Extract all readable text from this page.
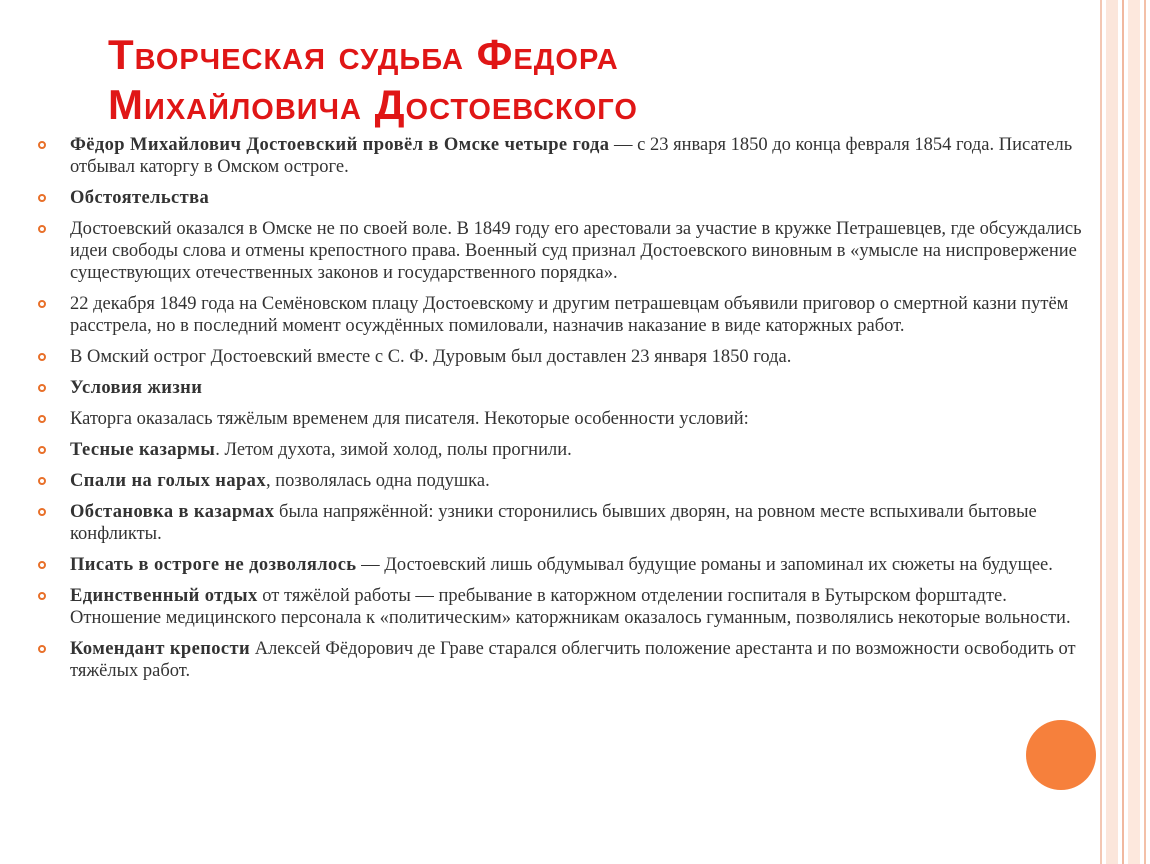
Творческая судьба Федора
Михайловича Достоевского
Фёдор Михайлович Достоевский провёл в Омске четыре года — с 23 января 1850 до конца февраля 1854 года. Писатель отбывал каторгу в Омском остроге.
Обстоятельства
Достоевский оказался в Омске не по своей воле. В 1849 году его арестовали за участие в кружке Петрашевцев, где обсуждались идеи свободы слова и отмены крепостного права. Военный суд признал Достоевского виновным в «умысле на ниспровержение существующих отечественных законов и государственного порядка».
22 декабря 1849 года на Семёновском плацу Достоевскому и другим петрашевцам объявили приговор о смертной казни путём расстрела, но в последний момент осуждённых помиловали, назначив наказание в виде каторжных работ.
В Омский острог Достоевский вместе с С. Ф. Дуровым был доставлен 23 января 1850 года.
Условия жизни
Каторга оказалась тяжёлым временем для писателя. Некоторые особенности условий:
Тесные казармы. Летом духота, зимой холод, полы прогнили.
Спали на голых нарах, позволялась одна подушка.
Обстановка в казармах была напряжённой: узники сторонились бывших дворян, на ровном месте вспыхивали бытовые конфликты.
Писать в остроге не дозволялось — Достоевский лишь обдумывал будущие романы и запоминал их сюжеты на будущее.
Единственный отдых от тяжёлой работы — пребывание в каторжном отделении госпиталя в Бутырском форштадте. Отношение медицинского персонала к «политическим» каторжникам оказалось гуманным, позволялись некоторые вольности.
Комендант крепости Алексей Фёдорович де Граве старался облегчить положение арестанта и по возможности освободить от тяжёлых работ.
